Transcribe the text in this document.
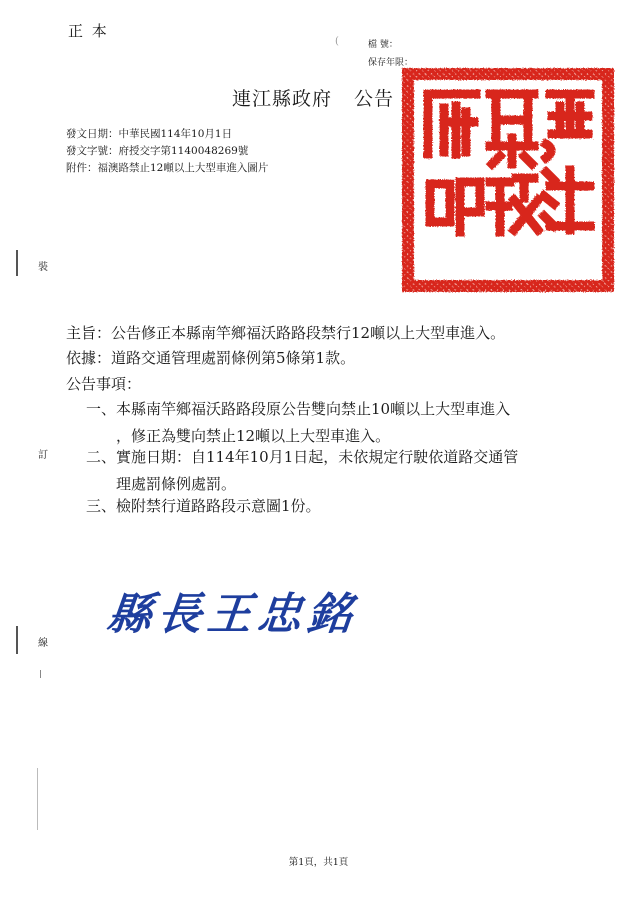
正 本
(	檔 號：
保存年限：
連江縣政府 公告
發文日期：中華民國114年10月1日
發文字號：府授交字第1140048269號
附件：福澳路禁止12噸以上大型車進入圖片
裝
訂
線
主旨：公告修正本縣南竿鄉福沃路路段禁行12噸以上大型車進入。
依據：道路交通管理處罰條例第5條第1款。
公告事項：
一、 本縣南竿鄉福沃路路段原公告雙向禁止10噸以上大型車進入
，修正為雙向禁止12噸以上大型車進入。
二、 實施日期：自114年10月1日起，未依規定行駛依道路交通管
理處罰條例處罰。
三、 檢附禁行道路路段示意圖1份。
縣長王忠銘
第1頁，共1頁
